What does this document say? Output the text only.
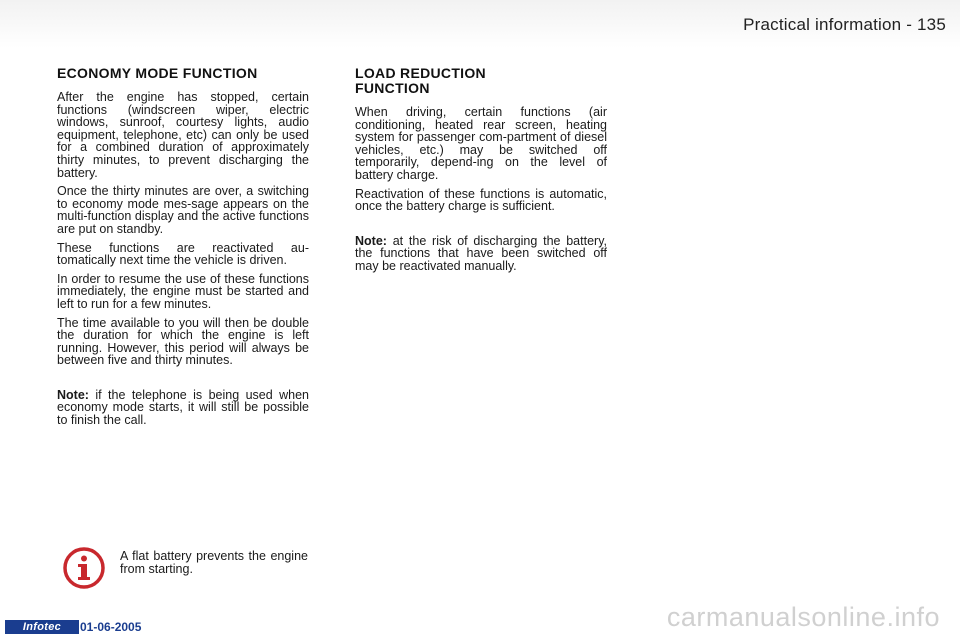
Practical information - 135
ECONOMY MODE FUNCTION

After the engine has stopped, certain functions (windscreen wiper, electric windows, sunroof, courtesy lights, audio equipment, telephone, etc) can only be used for a combined duration of approximately thirty minutes, to prevent discharging the battery.

Once the thirty minutes are over, a switching to economy mode mes-sage appears on the multi-function display and the active functions are put on standby.

These functions are reactivated au-tomatically next time the vehicle is driven.

In order to resume the use of these functions immediately, the engine must be started and left to run for a few minutes.

The time available to you will then be double the duration for which the engine is left running. However, this period will always be between five and thirty minutes.

Note: if the telephone is being used when economy mode starts, it will still be possible to finish the call.

LOAD REDUCTION
FUNCTION

When driving, certain functions (air conditioning, heated rear screen, heating system for passenger com-partment of diesel vehicles, etc.) may be switched off temporarily, depend-ing on the level of battery charge.

Reactivation of these functions is automatic, once the battery charge is sufficient.

Note: at the risk of discharging the battery, the functions that have been switched off may be reactivated manually.

A flat battery prevents the engine from starting.
Infotec	01-06-2005	carmanualsonline.info
